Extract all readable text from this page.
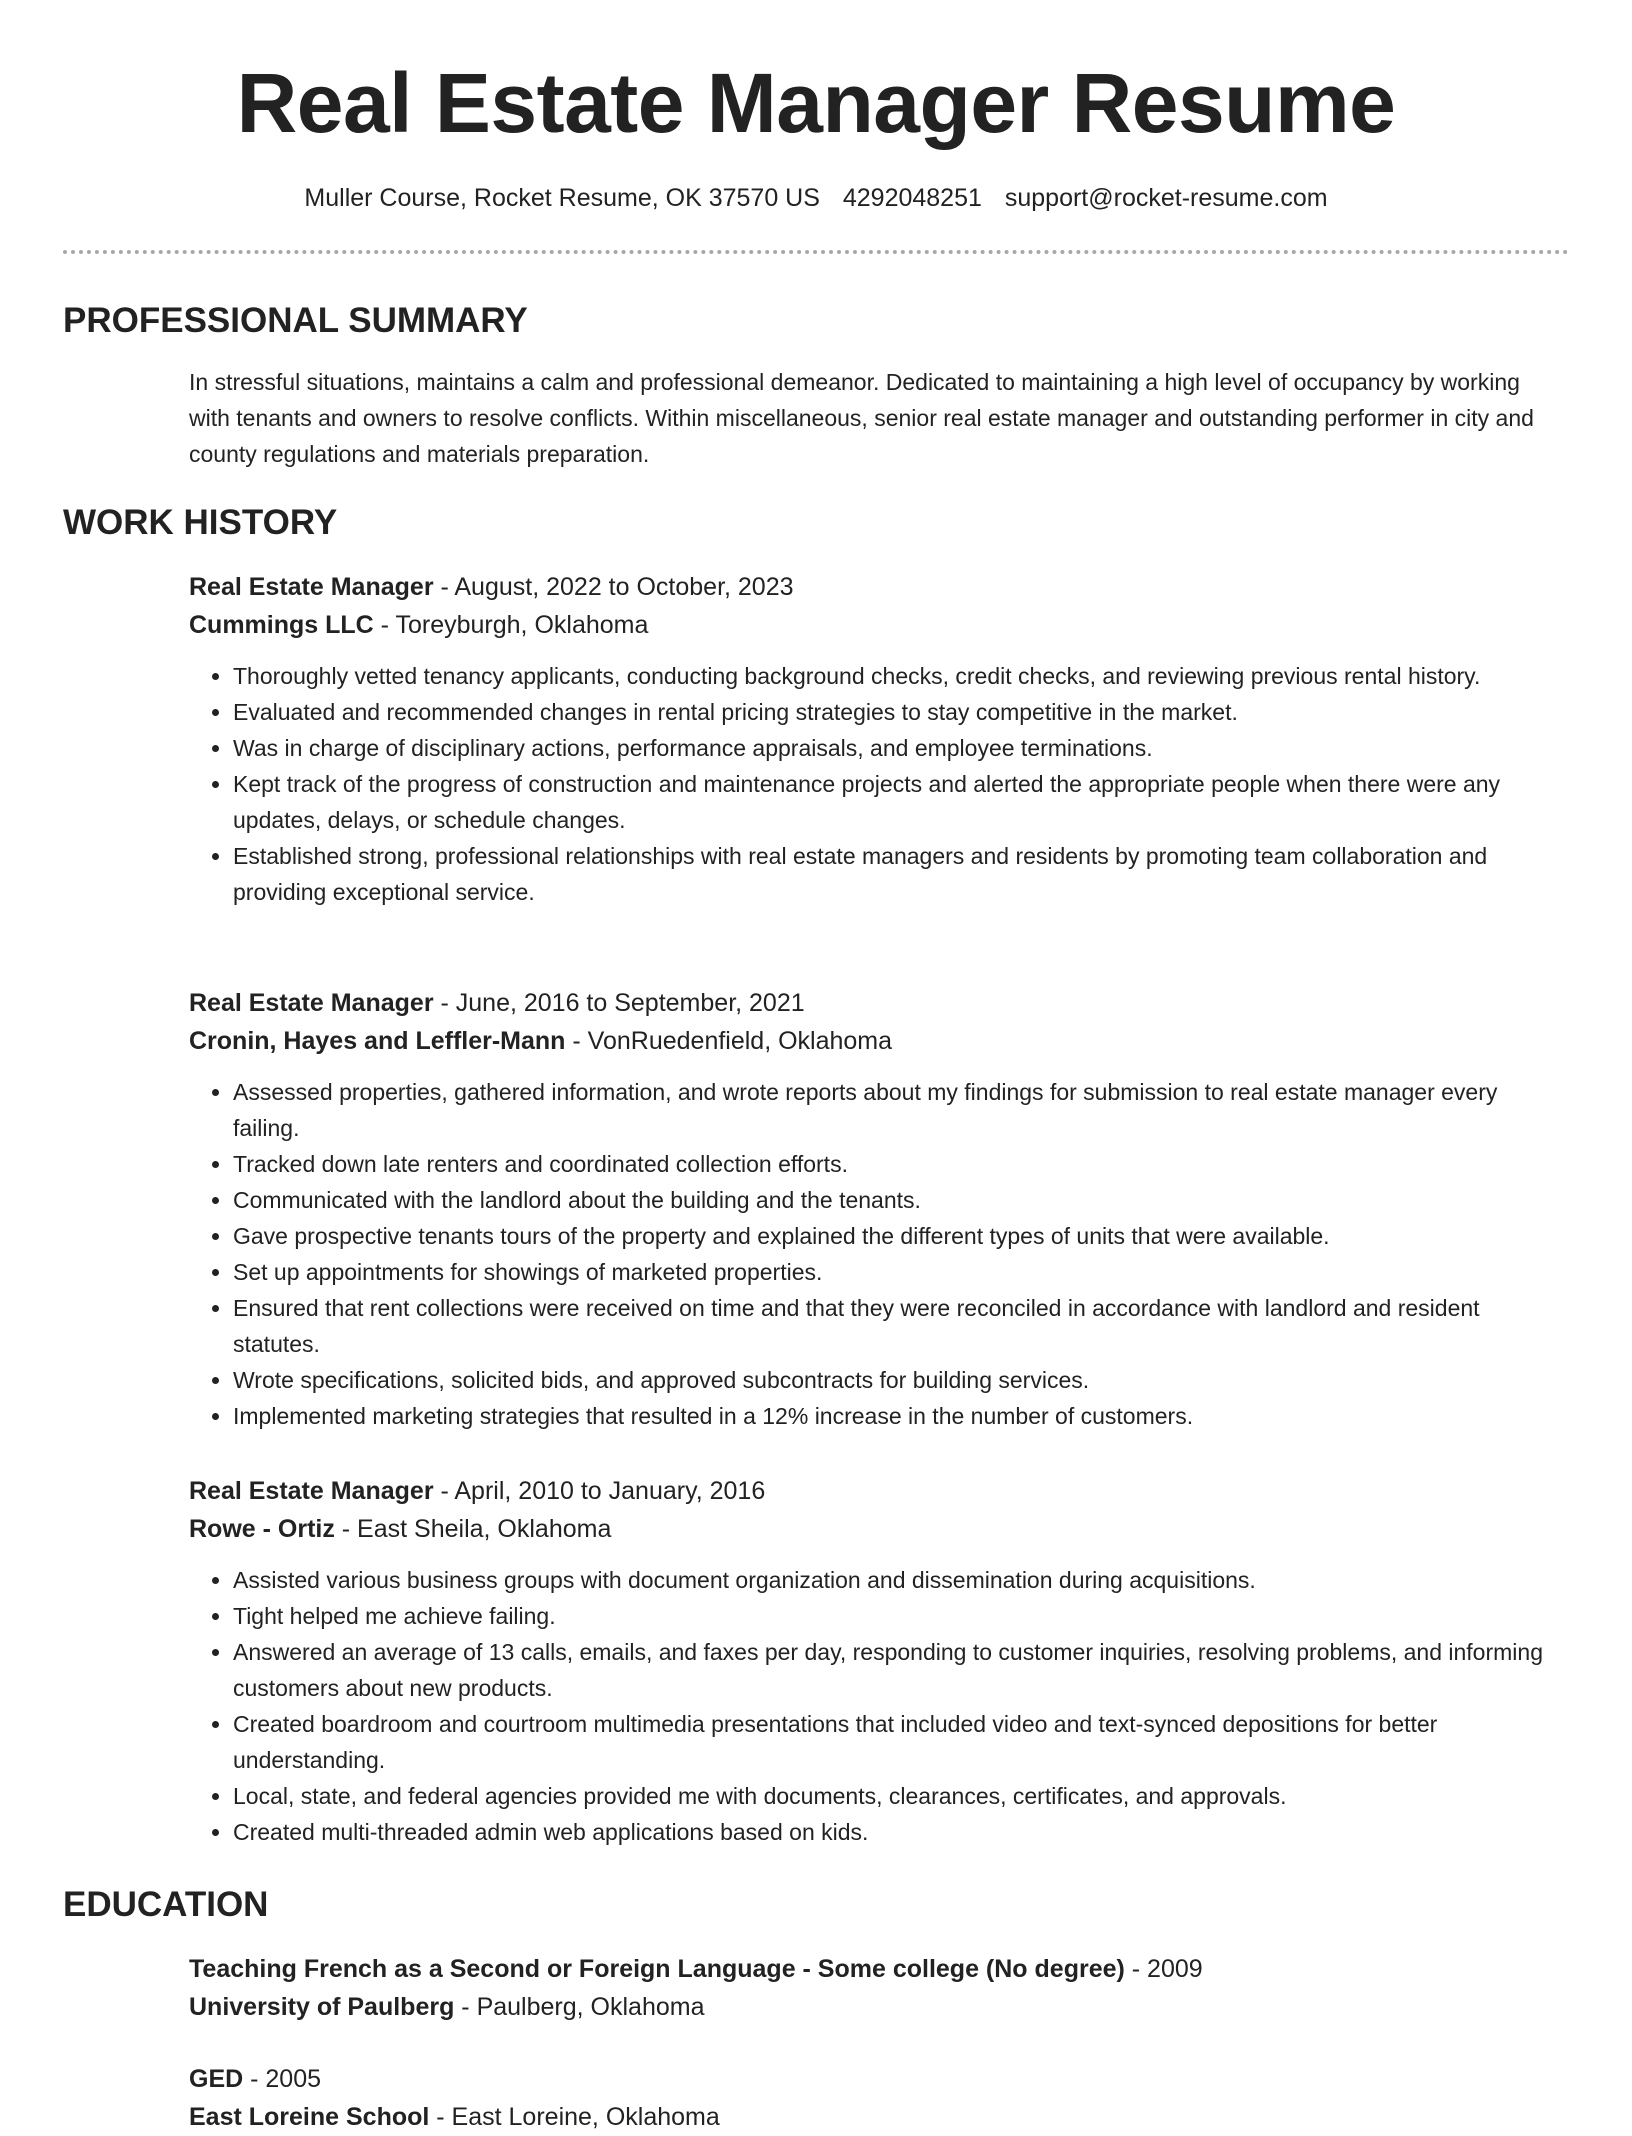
Real Estate Manager Resume
Muller Course, Rocket Resume, OK 37570 US 4292048251 support@rocket-resume.com
PROFESSIONAL SUMMARY

In stressful situations, maintains a calm and professional demeanor. Dedicated to maintaining a high level of occupancy by working with tenants and owners to resolve conflicts. Within miscellaneous, senior real estate manager and outstanding performer in city and county regulations and materials preparation.

WORK HISTORY
Real Estate Manager - August, 2022 to October, 2023
Cummings LLC - Toreyburgh, Oklahoma
• Thoroughly vetted tenancy applicants, conducting background checks, credit checks, and reviewing previous rental history.
• Evaluated and recommended changes in rental pricing strategies to stay competitive in the market.
• Was in charge of disciplinary actions, performance appraisals, and employee terminations.
• Kept track of the progress of construction and maintenance projects and alerted the appropriate people when there were any updates, delays, or schedule changes.
• Established strong, professional relationships with real estate managers and residents by promoting team collaboration and providing exceptional service.
Real Estate Manager - June, 2016 to September, 2021
Cronin, Hayes and Leffler-Mann - VonRuedenfield, Oklahoma
• Assessed properties, gathered information, and wrote reports about my findings for submission to real estate manager every failing.
• Tracked down late renters and coordinated collection efforts.
• Communicated with the landlord about the building and the tenants.
• Gave prospective tenants tours of the property and explained the different types of units that were available.
• Set up appointments for showings of marketed properties.
• Ensured that rent collections were received on time and that they were reconciled in accordance with landlord and resident statutes.
• Wrote specifications, solicited bids, and approved subcontracts for building services.
• Implemented marketing strategies that resulted in a 12% increase in the number of customers.
Real Estate Manager - April, 2010 to January, 2016
Rowe - Ortiz - East Sheila, Oklahoma
• Assisted various business groups with document organization and dissemination during acquisitions.
• Tight helped me achieve failing.
• Answered an average of 13 calls, emails, and faxes per day, responding to customer inquiries, resolving problems, and informing customers about new products.
• Created boardroom and courtroom multimedia presentations that included video and text-synced depositions for better understanding.
• Local, state, and federal agencies provided me with documents, clearances, certificates, and approvals.
• Created multi-threaded admin web applications based on kids.
EDUCATION
Teaching French as a Second or Foreign Language - Some college (No degree) - 2009
University of Paulberg - Paulberg, Oklahoma
GED - 2005
East Loreine School - East Loreine, Oklahoma
